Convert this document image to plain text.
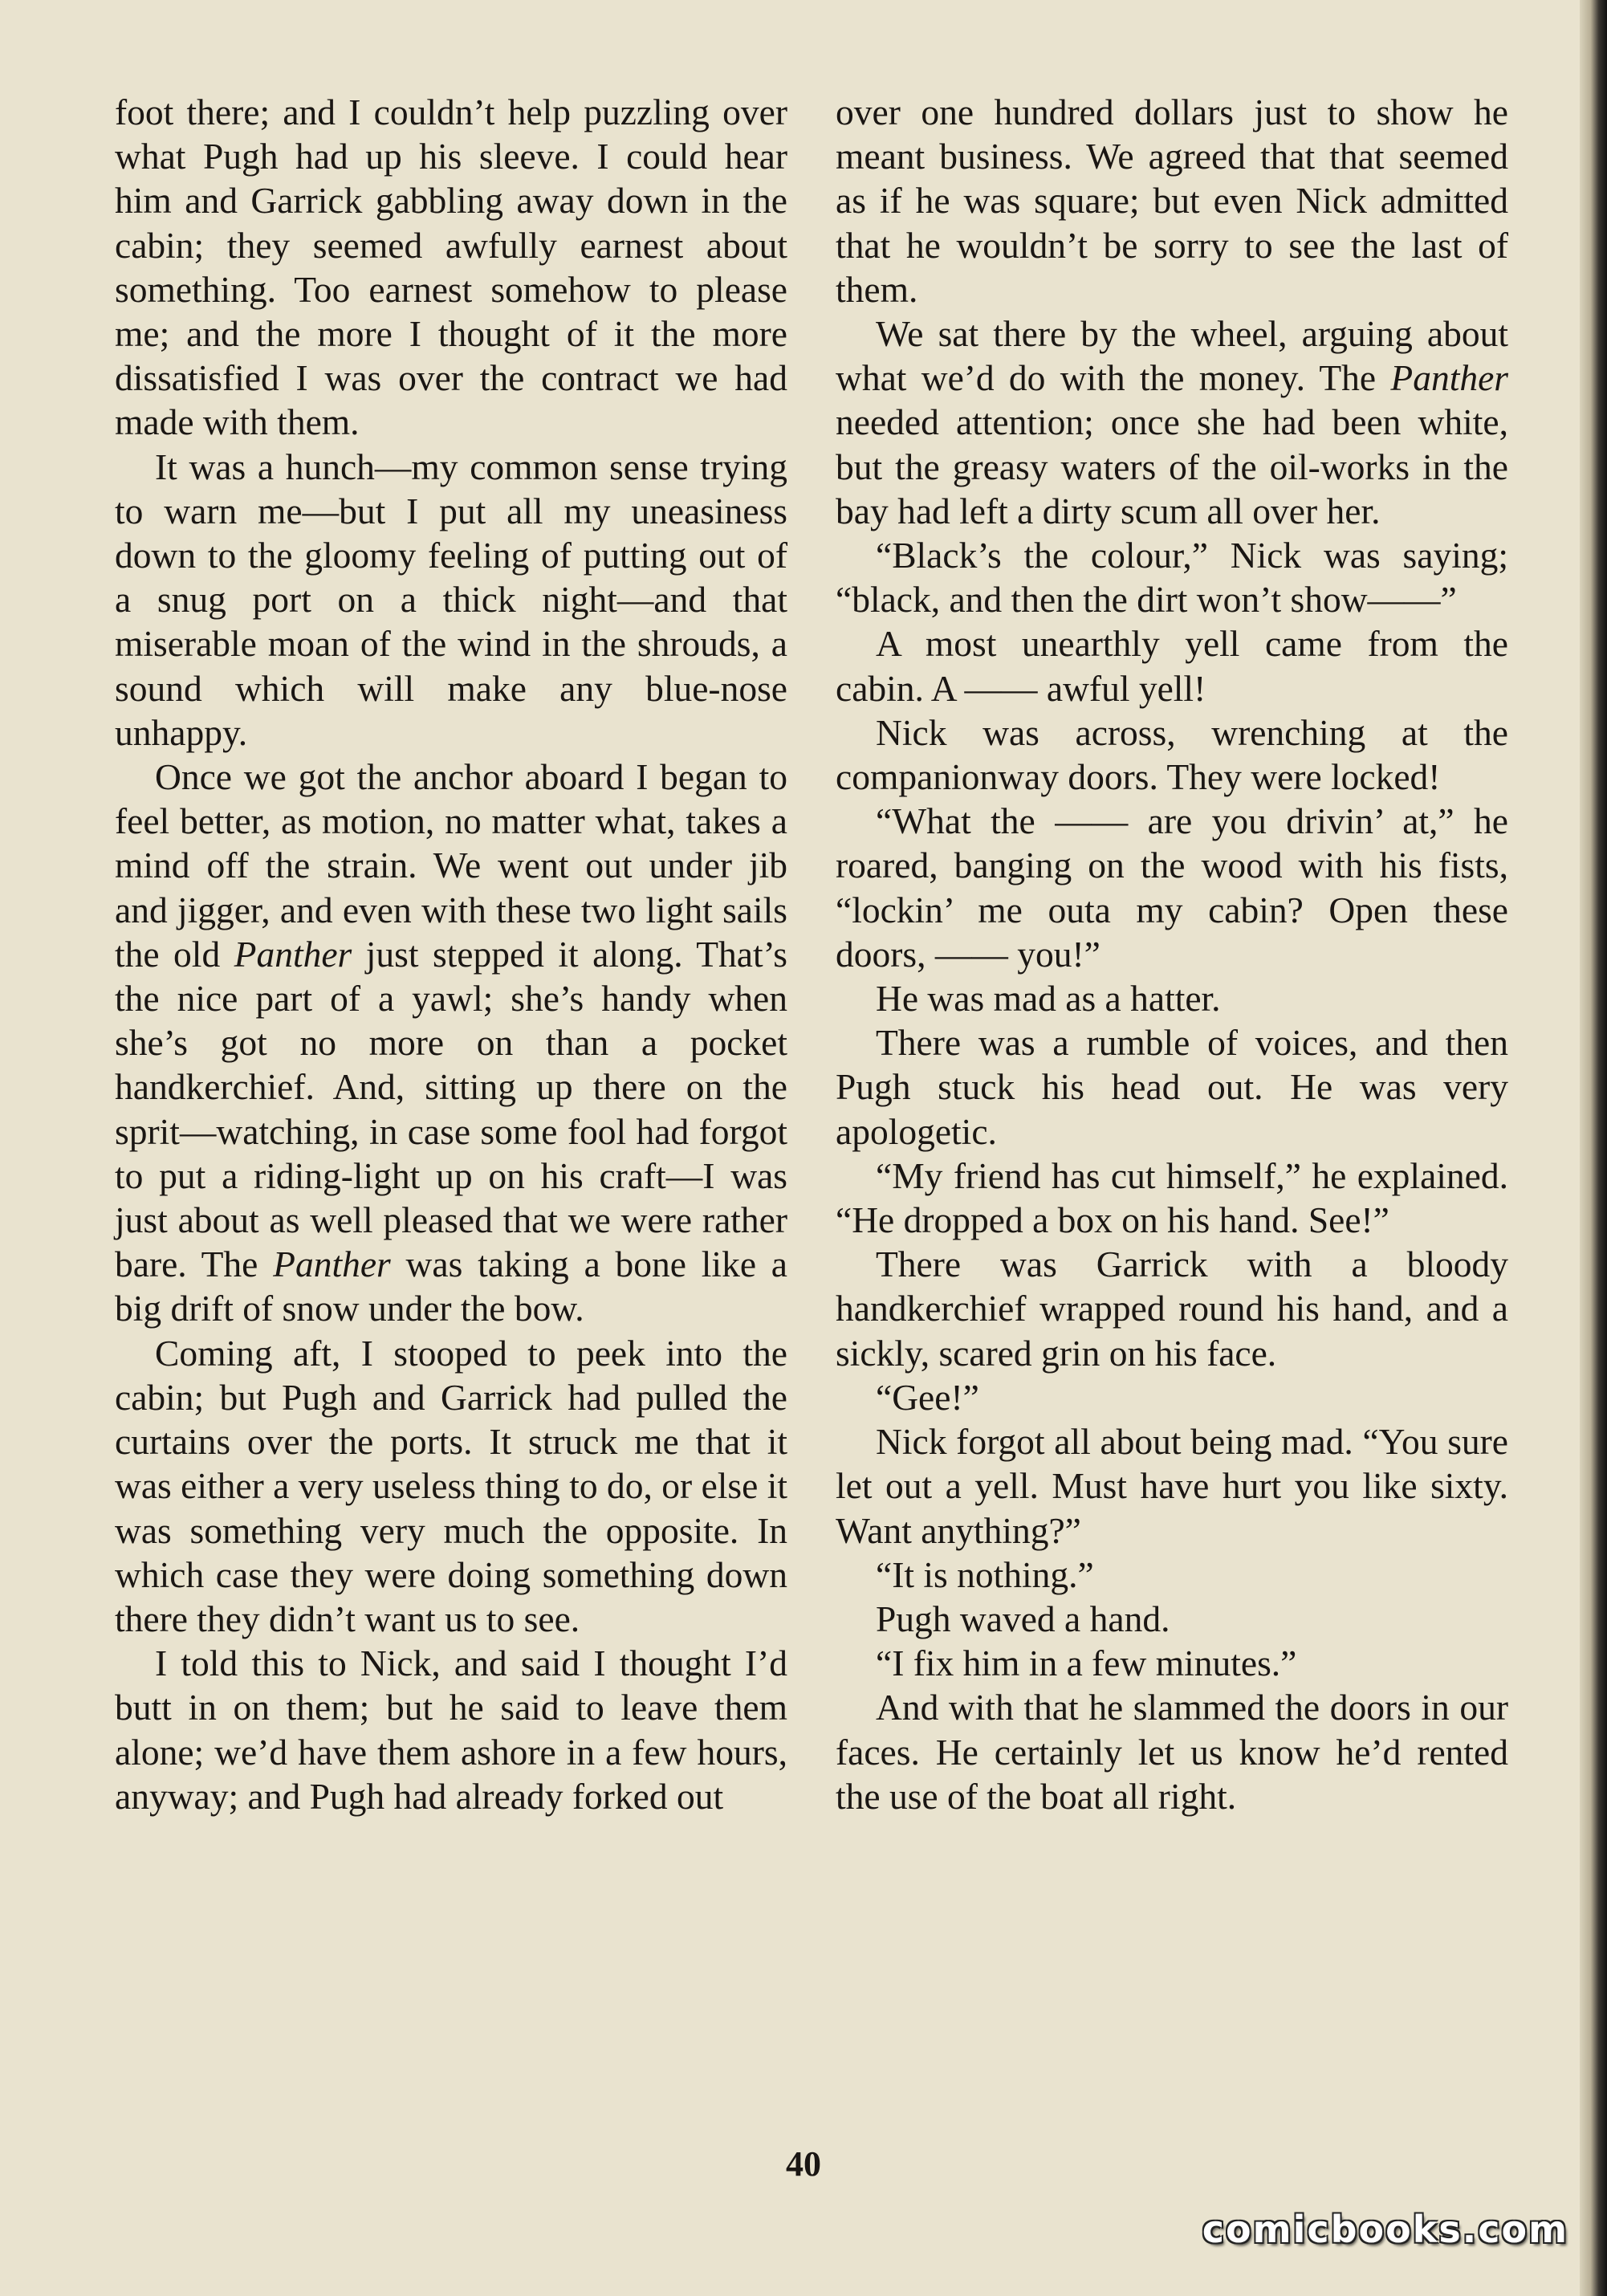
foot there; and I couldn’t help puzzling over what Pugh had up his sleeve. I could hear him and Garrick gabbling away down in the cabin; they seemed awfully earnest about something. Too earnest somehow to please me; and the more I thought of it the more dissatisfied I was over the contract we had made with them.

It was a hunch—my common sense trying to warn me—but I put all my uneasiness down to the gloomy feeling of putting out of a snug port on a thick night—and that miserable moan of the wind in the shrouds, a sound which will make any blue-nose unhappy.

Once we got the anchor aboard I began to feel better, as motion, no matter what, takes a mind off the strain. We went out under jib and jigger, and even with these two light sails the old Panther just stepped it along. That’s the nice part of a yawl; she’s handy when she’s got no more on than a pocket handkerchief. And, sitting up there on the sprit—watching, in case some fool had forgot to put a riding-light up on his craft—I was just about as well pleased that we were rather bare. The Panther was taking a bone like a big drift of snow under the bow.

Coming aft, I stooped to peek into the cabin; but Pugh and Garrick had pulled the curtains over the ports. It struck me that it was either a very useless thing to do, or else it was something very much the opposite. In which case they were doing something down there they didn’t want us to see.

I told this to Nick, and said I thought I’d butt in on them; but he said to leave them alone; we’d have them ashore in a few hours, anyway; and Pugh had already forked out

over one hundred dollars just to show he meant business. We agreed that that seemed as if he was square; but even Nick admitted that he wouldn’t be sorry to see the last of them.

We sat there by the wheel, arguing about what we’d do with the money. The Panther needed attention; once she had been white, but the greasy waters of the oil-works in the bay had left a dirty scum all over her.

“Black’s the colour,” Nick was saying; “black, and then the dirt won’t show——”

A most unearthly yell came from the cabin. A —— awful yell!

Nick was across, wrenching at the companionway doors. They were locked!

“What the —— are you drivin’ at,” he roared, banging on the wood with his fists, “lockin’ me outa my cabin? Open these doors, —— you!”

He was mad as a hatter.

There was a rumble of voices, and then Pugh stuck his head out. He was very apologetic.

“My friend has cut himself,” he explained. “He dropped a box on his hand. See!”

There was Garrick with a bloody handkerchief wrapped round his hand, and a sickly, scared grin on his face.

“Gee!”

Nick forgot all about being mad. “You sure let out a yell. Must have hurt you like sixty. Want anything?”

“It is nothing.”

Pugh waved a hand.

“I fix him in a few minutes.”

And with that he slammed the doors in our faces. He certainly let us know he’d rented the use of the boat all right.

40
comicbooks.com
